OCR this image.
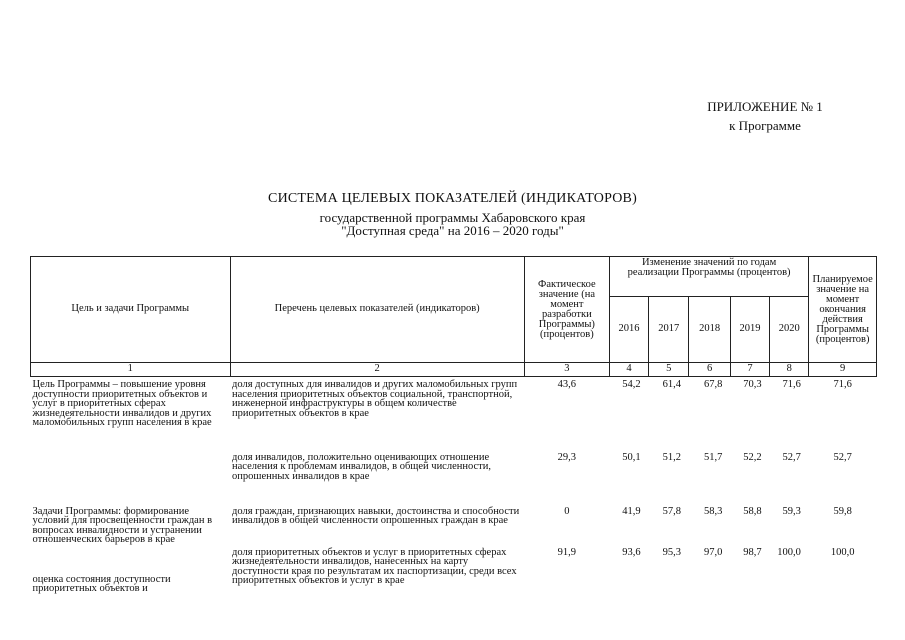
ПРИЛОЖЕНИЕ № 1
к Программе
СИСТЕМА ЦЕЛЕВЫХ ПОКАЗАТЕЛЕЙ (ИНДИКАТОРОВ)
государственной программы Хабаровского края
"Доступная среда" на 2016 – 2020 годы"
Цель и задачи Программы	Перечень целевых показателей (индикаторов)	Фактическое значение (на момент разработки Программы) (процентов)	Изменение значений по годам реализации Программы (процентов)					Планируемое значение на момент окончания действия Программы (процентов)
			2016	2017	2018	2019	2020	
1	2	3	4	5	6	7	8	9
Цель Программы – повышение уровня доступности приоритетных объектов и услуг в приоритетных сферах жизнедеятельности инвалидов и других маломобильных групп населения в крае	доля доступных для инвалидов и других маломобильных групп населения приоритетных объектов социальной, транспортной, инженерной инфраструктуры в общем количестве приоритетных объектов в крае	43,6	54,2	61,4	67,8	70,3	71,6	71,6
	доля инвалидов, положительно оценивающих отношение населения к проблемам инвалидов, в общей численности, опрошенных инвалидов в крае	29,3	50,1	51,2	51,7	52,2	52,7	52,7
Задачи Программы: формирование условий для просвещенности граждан в вопросах инвалидности и устранении отношенческих барьеров в крае	доля граждан, признающих навыки, достоинства и способности инвалидов в общей численности опрошенных граждан в крае	0	41,9	57,8	58,3	58,8	59,3	59,8
оценка состояния доступности приоритетных объектов и	доля приоритетных объектов и услуг в приоритетных сферах жизнедеятельности инвалидов, нанесенных на карту доступности края по результатам их паспортизации, среди всех приоритетных объектов и услуг в крае	91,9	93,6	95,3	97,0	98,7	100,0	100,0
